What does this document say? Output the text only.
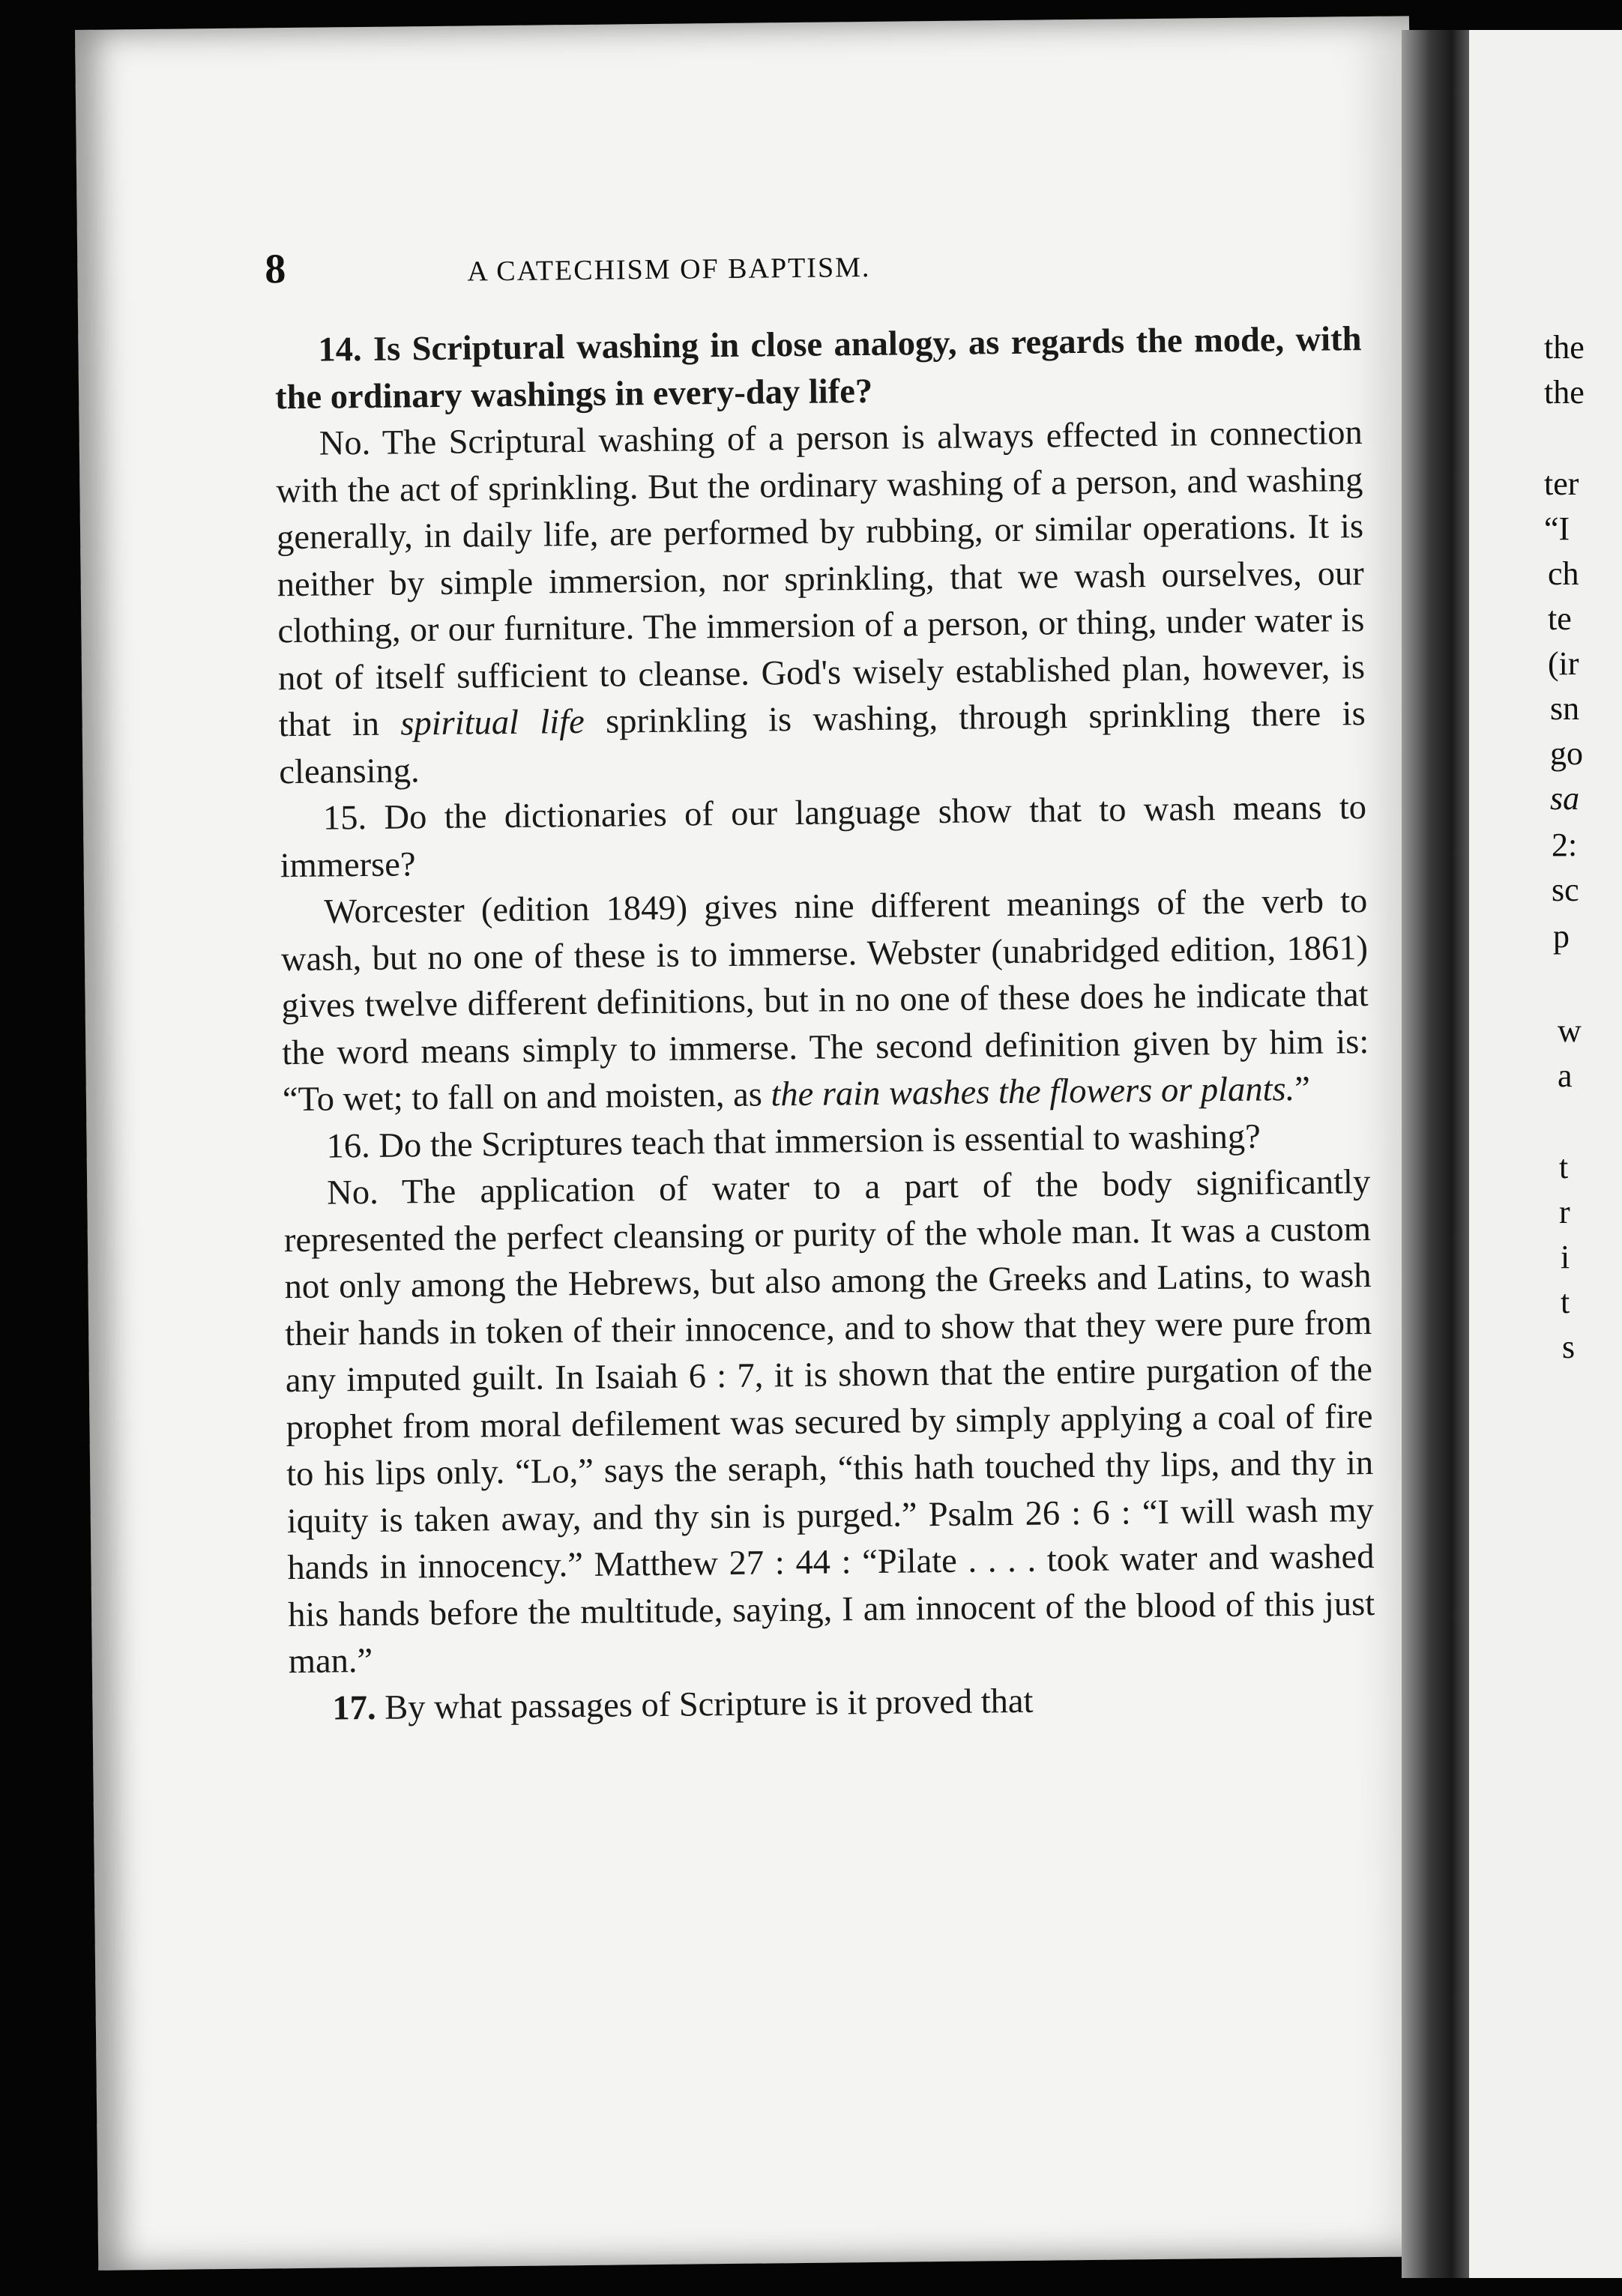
8	A CATECHISM OF BAPTISM.

14. Is Scriptural washing in close analogy, as regards the mode, with the ordinary washings in every-day life?

No. The Scriptural washing of a person is always effected in connection with the act of sprinkling. But the ordinary washing of a person, and washing generally, in daily life, are performed by rubbing, or similar operations. It is neither by simple immersion, nor sprinkling, that we wash ourselves, our clothing, or our furniture. The immersion of a person, or thing, under water is not of itself sufficient to cleanse. God's wisely established plan, however, is that in spiritual life sprinkling is washing, through sprinkling there is cleansing.

15. Do the dictionaries of our language show that to wash means to immerse?

Worcester (edition 1849) gives nine different meanings of the verb to wash, but no one of these is to immerse. Webster (unabridged edition, 1861) gives twelve different definitions, but in no one of these does he indicate that the word means simply to immerse. The second definition given by him is: “To wet; to fall on and moisten, as the rain washes the flowers or plants.”

16. Do the Scriptures teach that immersion is essential to washing?

No. The application of water to a part of the body significantly represented the perfect cleansing or purity of the whole man. It was a custom not only among the Hebrews, but also among the Greeks and Latins, to wash their hands in token of their innocence, and to show that they were pure from any imputed guilt. In Isaiah 6 : 7, it is shown that the entire purgation of the prophet from moral defilement was secured by simply applying a coal of fire to his lips only. “Lo,” says the seraph, “this hath touched thy lips, and thy in iquity is taken away, and thy sin is purged.” Psalm 26 : 6 : “I will wash my hands in innocency.” Matthew 27 : 44 : “Pilate . . . . took water and washed his hands before the multitude, saying, I am innocent of the blood of this just man.”

17. By what passages of Scripture is it proved that

the
the
ter
“I
ch
te
(ir
sn
go
sa
2:
sc
p
w
a
t
r
i
t
s
